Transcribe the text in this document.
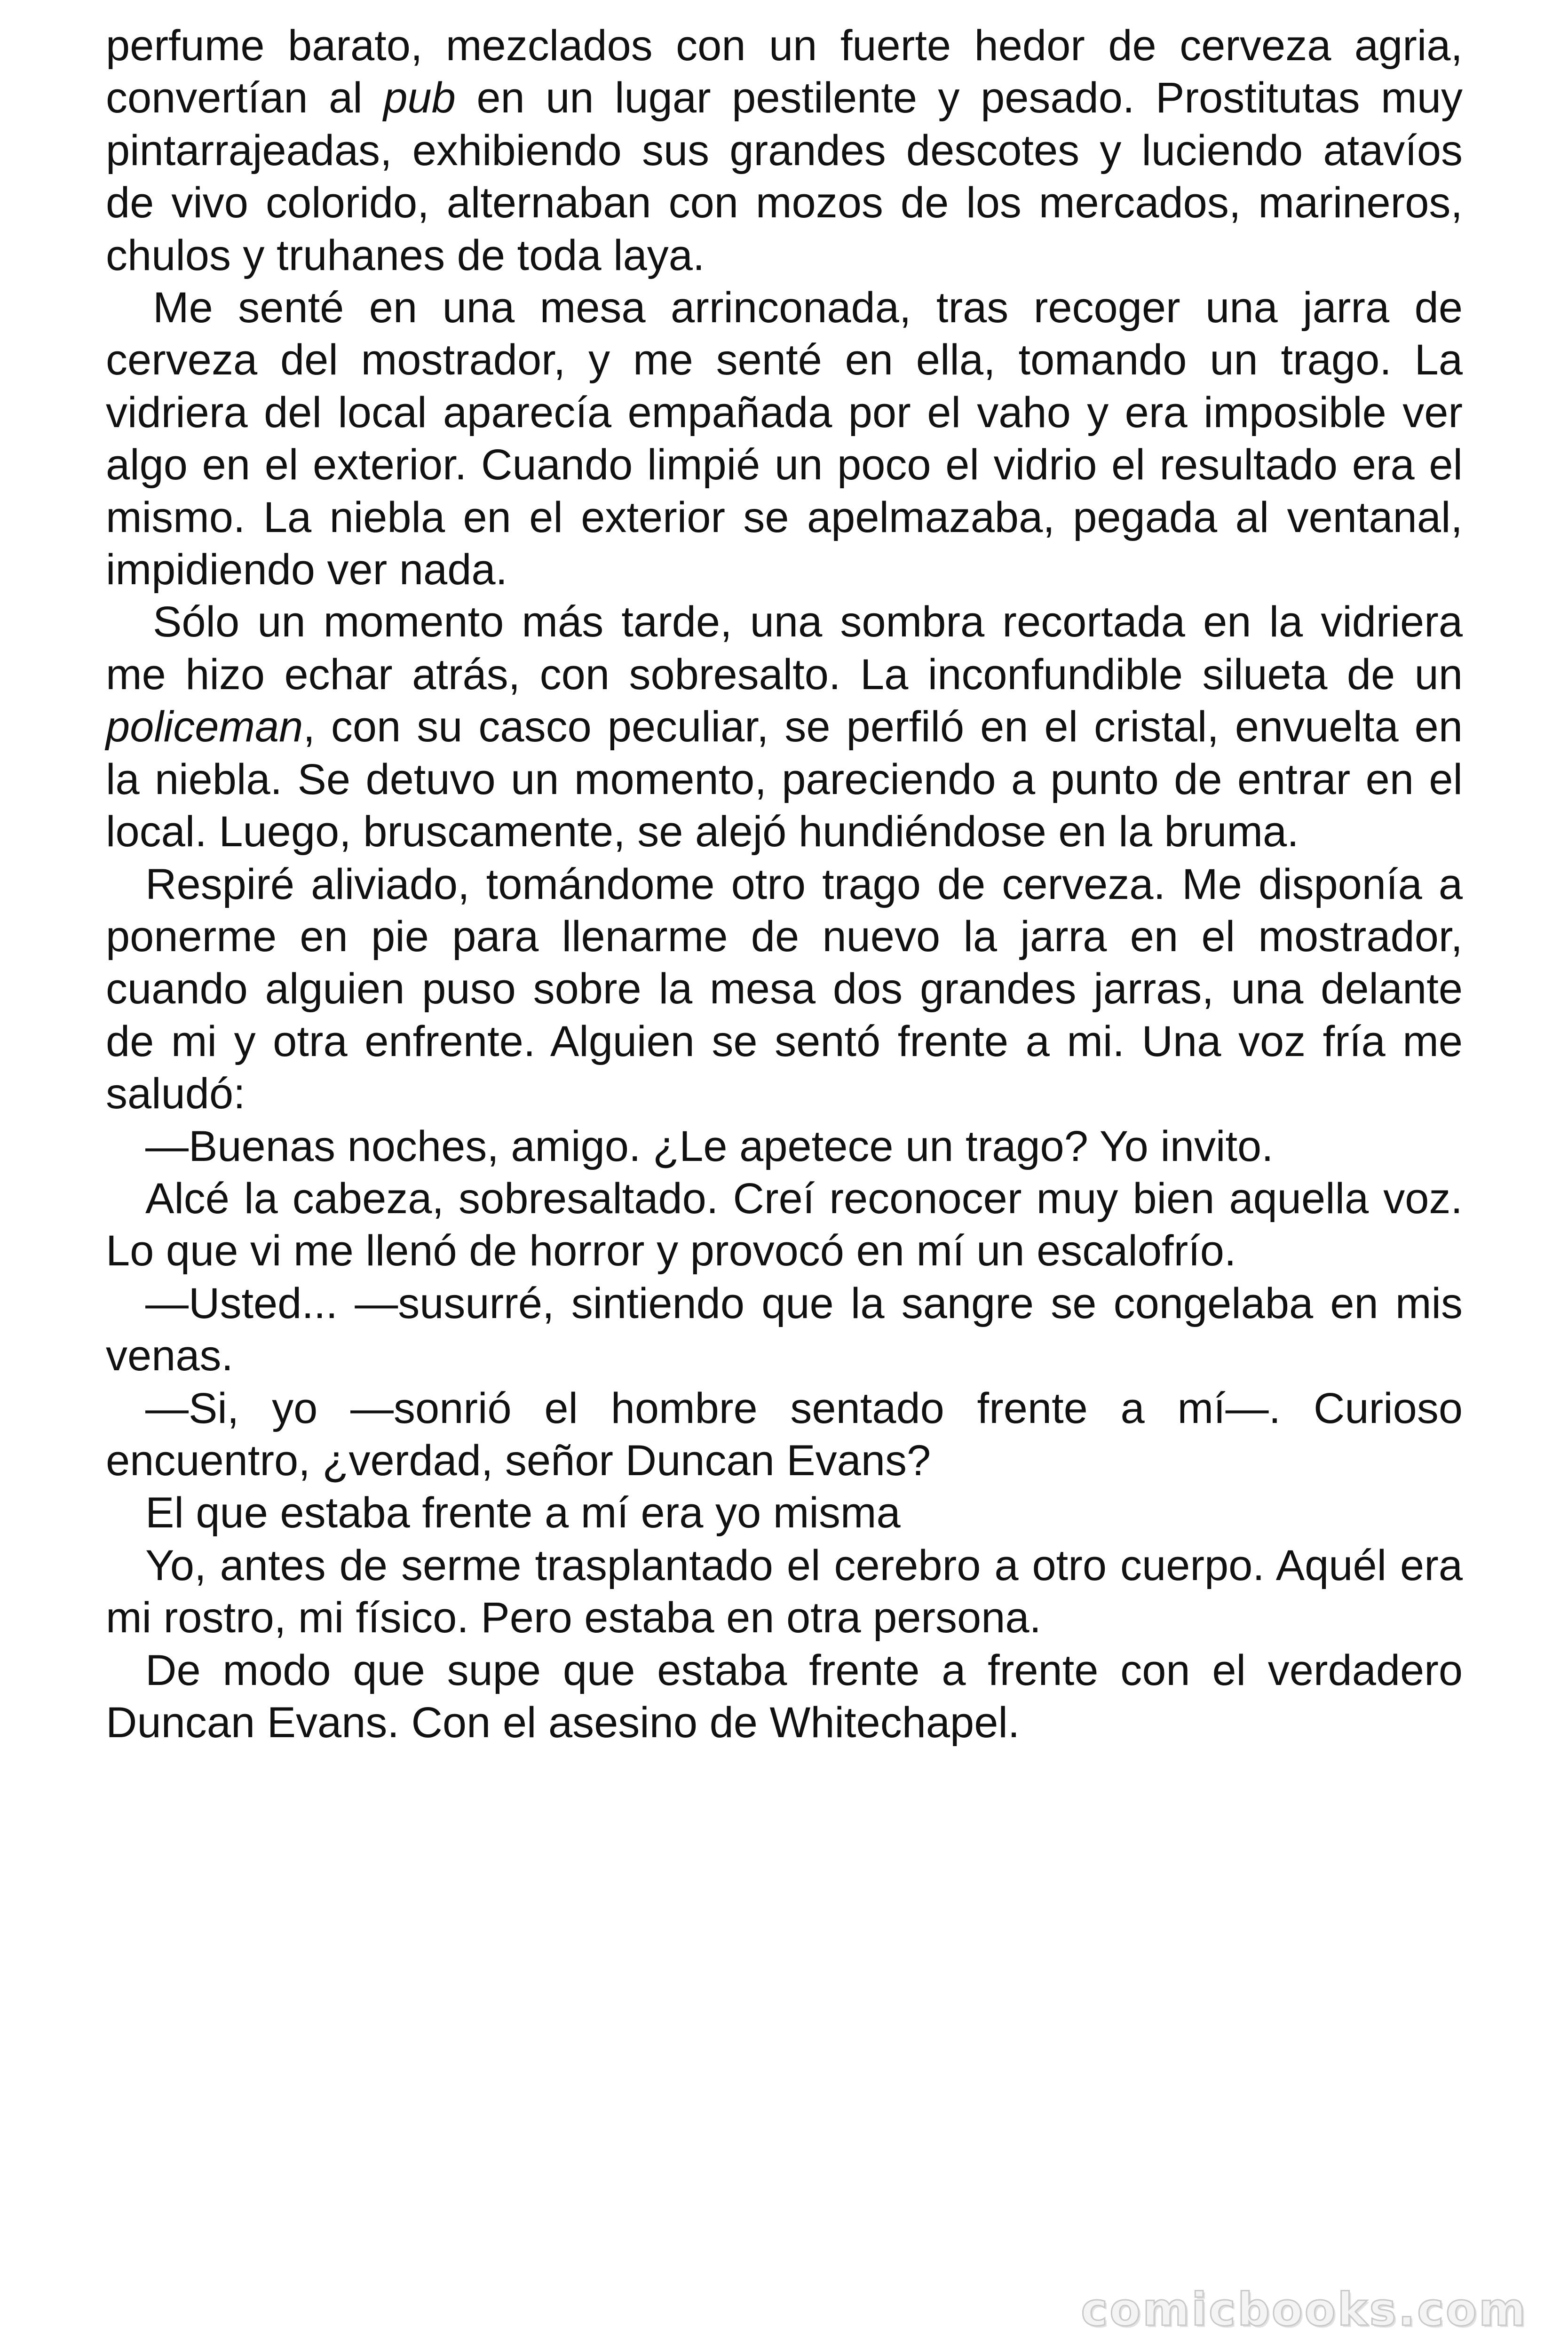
perfume barato, mezclados con un fuerte hedor de cerveza agria, convertían al pub en un lugar pestilente y pesado. Prostitutas muy pintarrajeadas, exhibiendo sus grandes descotes y luciendo atavíos de vivo colorido, alternaban con mozos de los mercados, marineros, chulos y truhanes de toda laya.

Me senté en una mesa arrinconada, tras recoger una jarra de cerveza del mostrador, y me senté en ella, tomando un trago. La vidriera del local aparecía empañada por el vaho y era imposible ver algo en el exterior. Cuando limpié un poco el vidrio el resultado era el mismo. La niebla en el exterior se apelmazaba, pegada al ventanal, impidiendo ver nada.

Sólo un momento más tarde, una sombra recortada en la vidriera me hizo echar atrás, con sobresalto. La inconfundible silueta de un policeman, con su casco peculiar, se perfiló en el cristal, envuelta en la niebla. Se detuvo un momento, pareciendo a punto de entrar en el local. Luego, bruscamente, se alejó hundiéndose en la bruma.

Respiré aliviado, tomándome otro trago de cerveza. Me disponía a ponerme en pie para llenarme de nuevo la jarra en el mostrador, cuando alguien puso sobre la mesa dos grandes jarras, una delante de mi y otra enfrente. Alguien se sentó frente a mi. Una voz fría me saludó:

—Buenas noches, amigo. ¿Le apetece un trago? Yo invito.

Alcé la cabeza, sobresaltado. Creí reconocer muy bien aquella voz. Lo que vi me llenó de horror y provocó en mí un escalofrío.

—Usted... —susurré, sintiendo que la sangre se congelaba en mis venas.

—Si, yo —sonrió el hombre sentado frente a mí—. Curioso encuentro, ¿verdad, señor Duncan Evans?

El que estaba frente a mí era yo misma

Yo, antes de serme trasplantado el cerebro a otro cuerpo. Aquél era mi rostro, mi físico. Pero estaba en otra persona.

De modo que supe que estaba frente a frente con el verdadero Duncan Evans. Con el asesino de Whitechapel.

comicbooks.com
